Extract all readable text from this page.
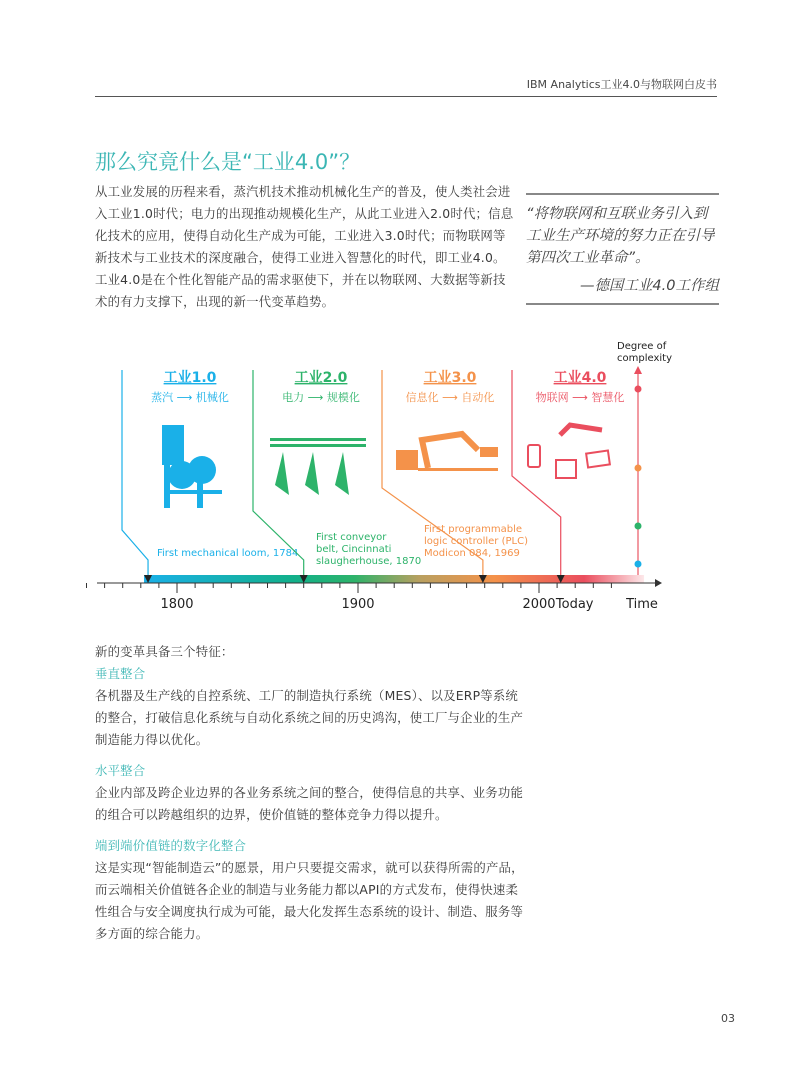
IBM Analytics工业4.0与物联网白皮书
那么究竟什么是“工业4.0”？
从工业发展的历程来看，蒸汽机技术推动机械化生产的普及，使人类社会进入工业1.0时代；电力的出现推动规模化生产，从此工业进入2.0时代；信息化技术的应用，使得自动化生产成为可能，工业进入3.0时代；而物联网等新技术与工业技术的深度融合，使得工业进入智慧化的时代，即工业4.0。工业4.0是在个性化智能产品的需求驱使下，并在以物联网、大数据等新技术的有力支撑下，出现的新一代变革趋势。
“将物联网和互联业务引入到工业生产环境的努力正在引导第四次工业革命”。
—德国工业4.0工作组
1800	1900	2000 Today	Time
Degree of
complexity
工业1.0
蒸汽 ⟶ 机械化
First mechanical loom, 1784
工业2.0
电力 ⟶ 规模化
First conveyor
belt, Cincinnati
slaugherhouse, 1870
工业3.0
信息化 ⟶ 自动化
First programmable
logic controller (PLC)
Modicon 084, 1969
工业4.0
物联网 ⟶ 智慧化
新的变革具备三个特征：
垂直整合
各机器及生产线的自控系统、工厂的制造执行系统（MES）、以及ERP等系统的整合，打破信息化系统与自动化系统之间的历史鸿沟，使工厂与企业的生产制造能力得以优化。
水平整合
企业内部及跨企业边界的各业务系统之间的整合，使得信息的共享、业务功能的组合可以跨越组织的边界，使价值链的整体竞争力得以提升。
端到端价值链的数字化整合
这是实现“智能制造云”的愿景，用户只要提交需求，就可以获得所需的产品，而云端相关价值链各企业的制造与业务能力都以API的方式发布，使得快速柔性组合与安全调度执行成为可能，最大化发挥生态系统的设计、制造、服务等多方面的综合能力。
03
